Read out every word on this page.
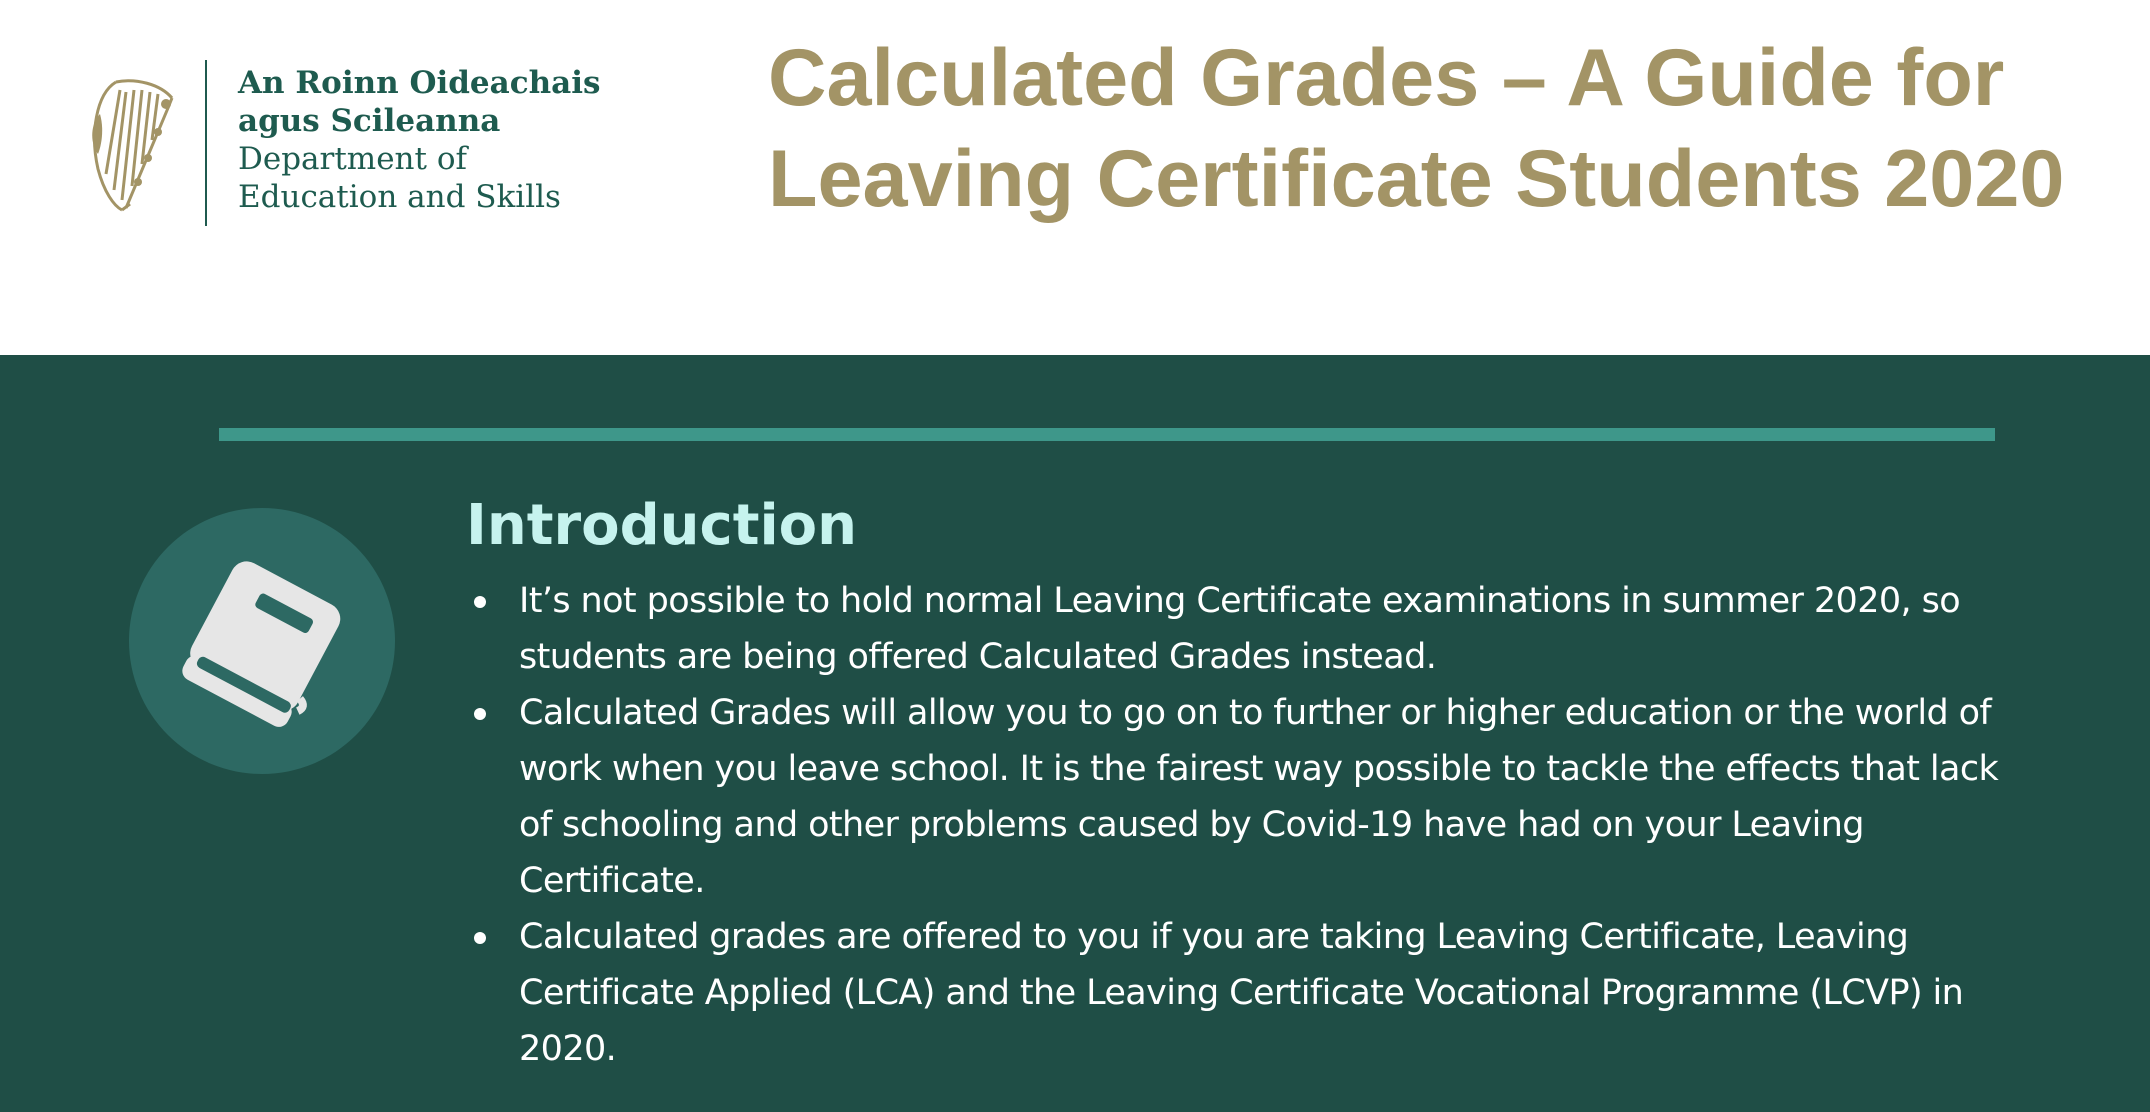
An Roinn Oideachais
agus Scileanna
Department of
Education and Skills
Calculated Grades – A Guide for Leaving Certificate Students 2020
Introduction
It’s not possible to hold normal Leaving Certificate examinations in summer 2020, so students are being offered Calculated Grades instead.
Calculated Grades will allow you to go on to further or higher education or the world of work when you leave school. It is the fairest way possible to tackle the effects that lack of schooling and other problems caused by Covid-19 have had on your Leaving Certificate.
Calculated grades are offered to you if you are taking Leaving Certificate, Leaving Certificate Applied (LCA) and the Leaving Certificate Vocational Programme (LCVP) in 2020.
